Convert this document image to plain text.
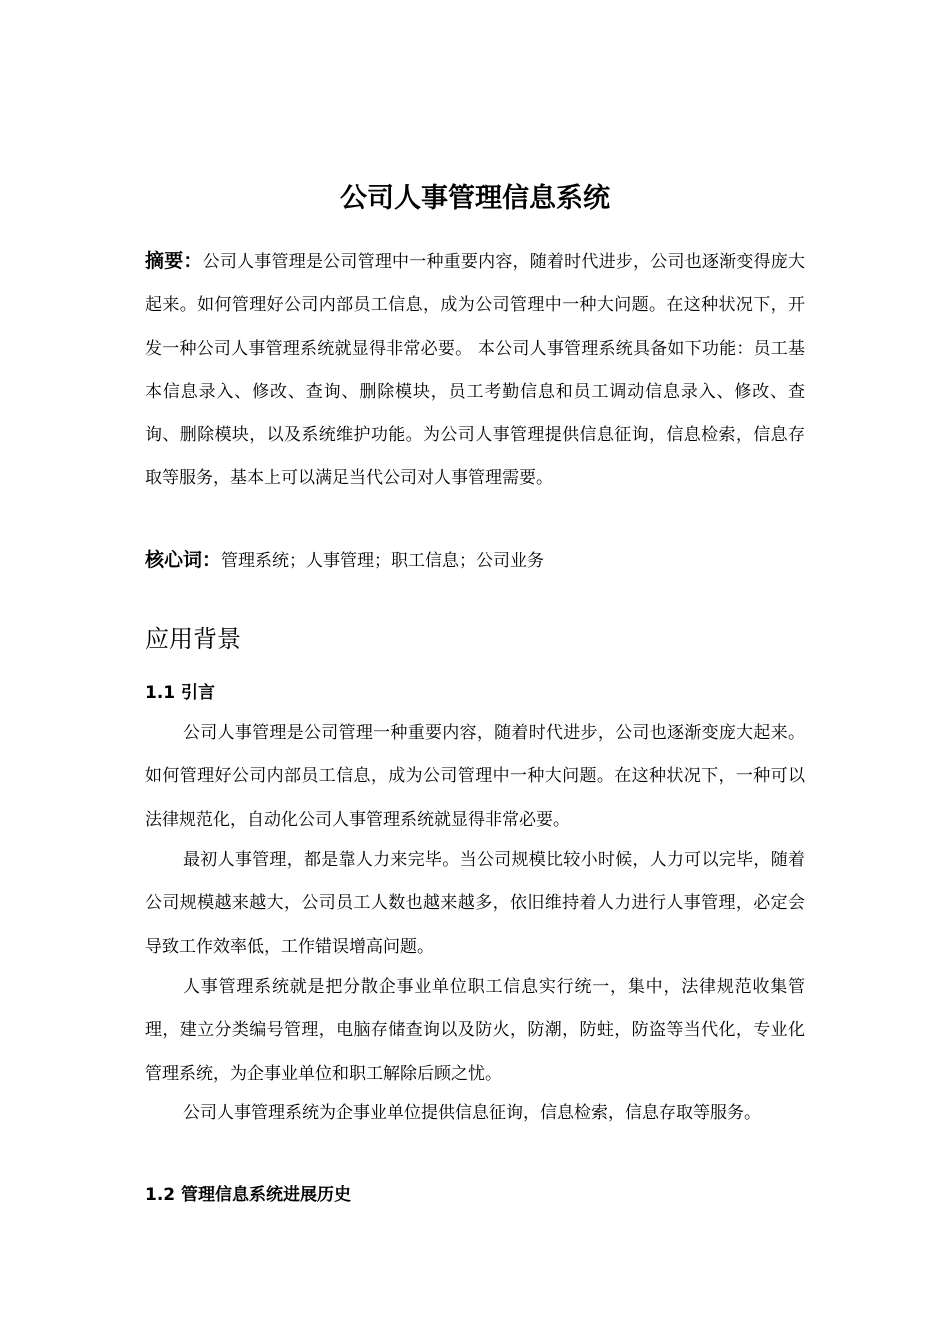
公司人事管理信息系统

摘要：公司人事管理是公司管理中一种重要内容，随着时代进步，公司也逐渐变得庞大起来。如何管理好公司内部员工信息，成为公司管理中一种大问题。在这种状况下，开发一种公司人事管理系统就显得非常必要。 本公司人事管理系统具备如下功能：员工基本信息录入、修改、查询、删除模块，员工考勤信息和员工调动信息录入、修改、查询、删除模块，以及系统维护功能。为公司人事管理提供信息征询，信息检索，信息存取等服务，基本上可以满足当代公司对人事管理需要。

核心词：管理系统；人事管理；职工信息；公司业务

应用背景
1.1 引言

公司人事管理是公司管理一种重要内容，随着时代进步，公司也逐渐变庞大起来。如何管理好公司内部员工信息，成为公司管理中一种大问题。在这种状况下，一种可以法律规范化，自动化公司人事管理系统就显得非常必要。

最初人事管理，都是靠人力来完毕。当公司规模比较小时候，人力可以完毕，随着公司规模越来越大，公司员工人数也越来越多，依旧维持着人力进行人事管理，必定会导致工作效率低，工作错误增高问题。

人事管理系统就是把分散企事业单位职工信息实行统一，集中，法律规范收集管理，建立分类编号管理，电脑存储查询以及防火，防潮，防蛀，防盗等当代化，专业化管理系统，为企事业单位和职工解除后顾之忧。

公司人事管理系统为企事业单位提供信息征询，信息检索，信息存取等服务。

1.2 管理信息系统进展历史
